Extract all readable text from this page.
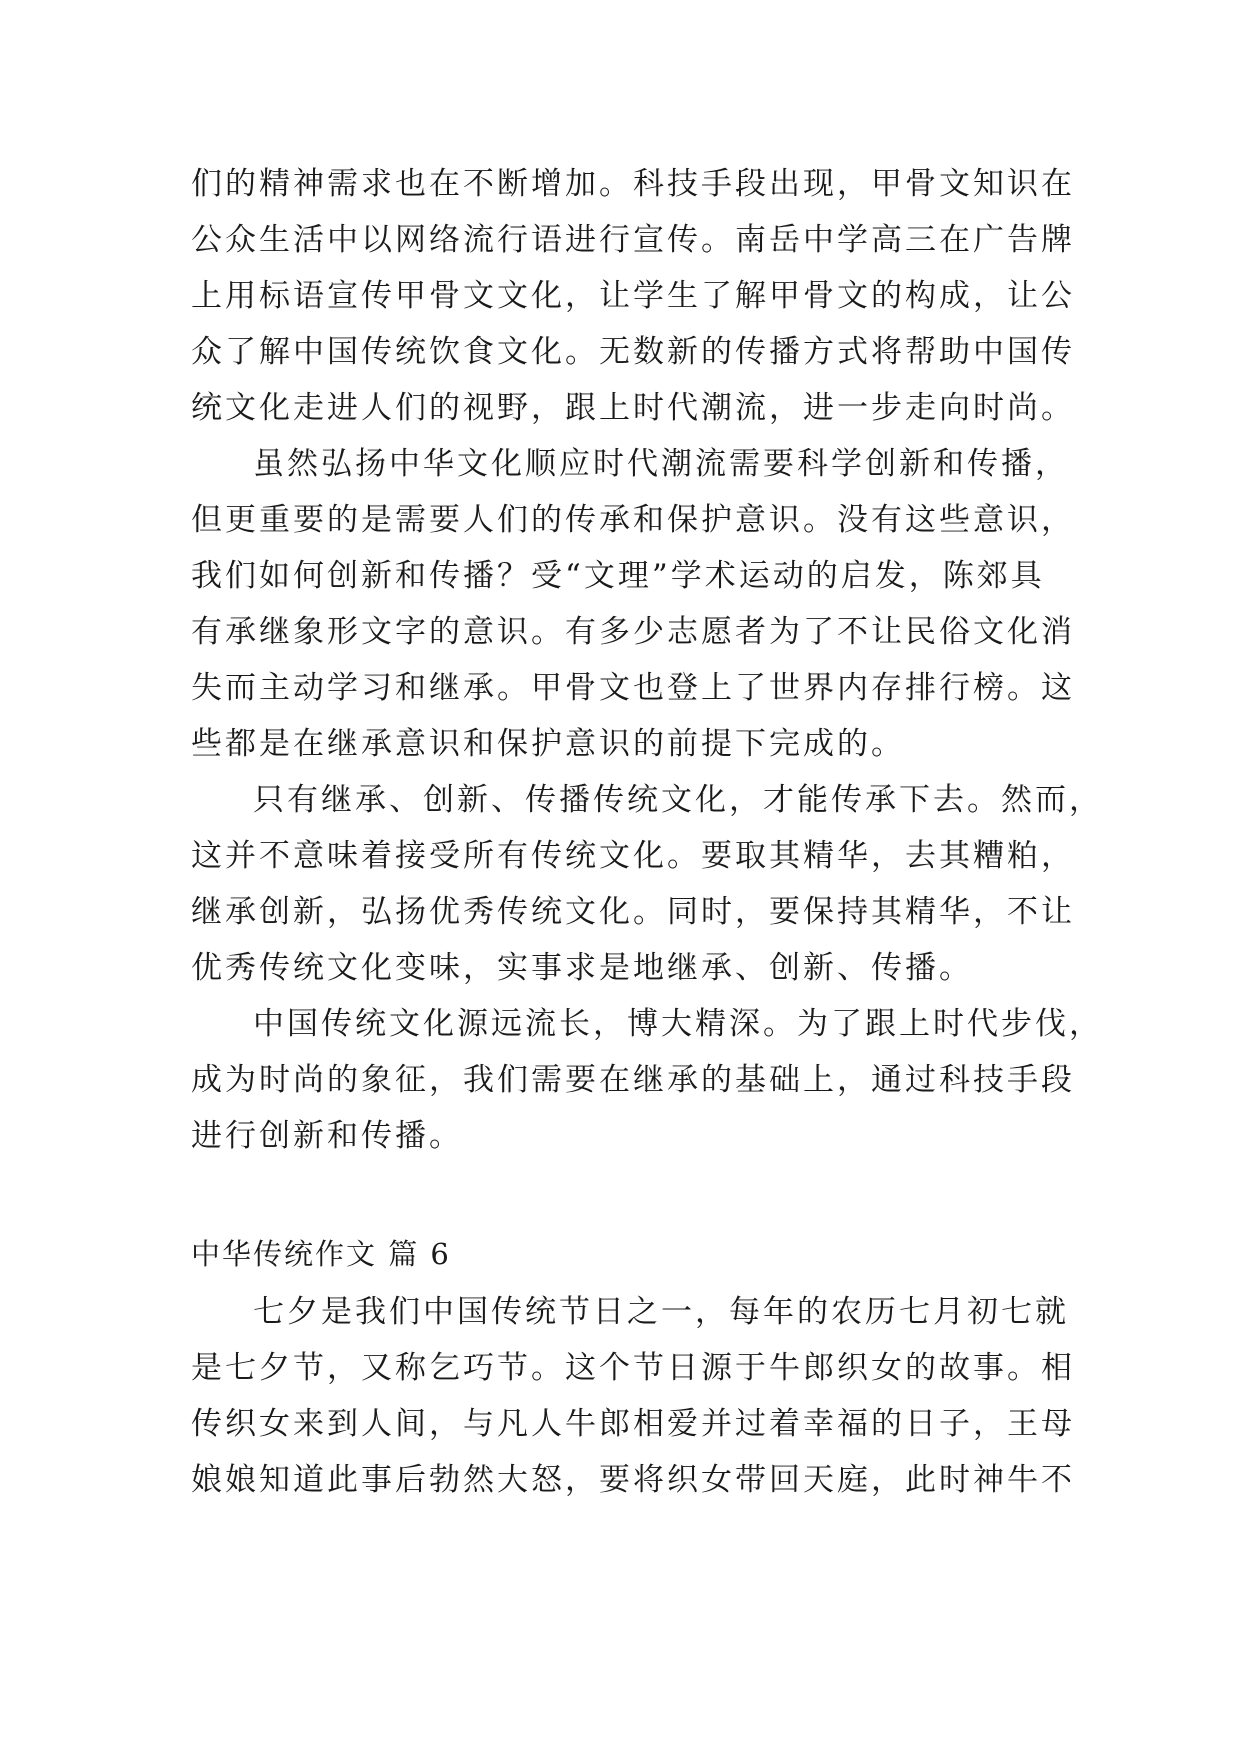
们的精神需求也在不断增加。科技手段出现，甲骨文知识在
公众生活中以网络流行语进行宣传。南岳中学高三在广告牌
上用标语宣传甲骨文文化，让学生了解甲骨文的构成，让公
众了解中国传统饮食文化。无数新的传播方式将帮助中国传
统文化走进人们的视野，跟上时代潮流，进一步走向时尚。
虽然弘扬中华文化顺应时代潮流需要科学创新和传播，
但更重要的是需要人们的传承和保护意识。没有这些意识，
我们如何创新和传播？受“文理”学术运动的启发，陈郊具
有承继象形文字的意识。有多少志愿者为了不让民俗文化消
失而主动学习和继承。甲骨文也登上了世界内存排行榜。这
些都是在继承意识和保护意识的前提下完成的。
只有继承、创新、传播传统文化，才能传承下去。然而，
这并不意味着接受所有传统文化。要取其精华，去其糟粕，
继承创新，弘扬优秀传统文化。同时，要保持其精华，不让
优秀传统文化变味，实事求是地继承、创新、传播。
中国传统文化源远流长，博大精深。为了跟上时代步伐，
成为时尚的象征，我们需要在继承的基础上，通过科技手段
进行创新和传播。
中华传统作文 篇 6
七夕是我们中国传统节日之一，每年的农历七月初七就
是七夕节，又称乞巧节。这个节日源于牛郎织女的故事。相
传织女来到人间，与凡人牛郎相爱并过着幸福的日子，王母
娘娘知道此事后勃然大怒，要将织女带回天庭，此时神牛不
